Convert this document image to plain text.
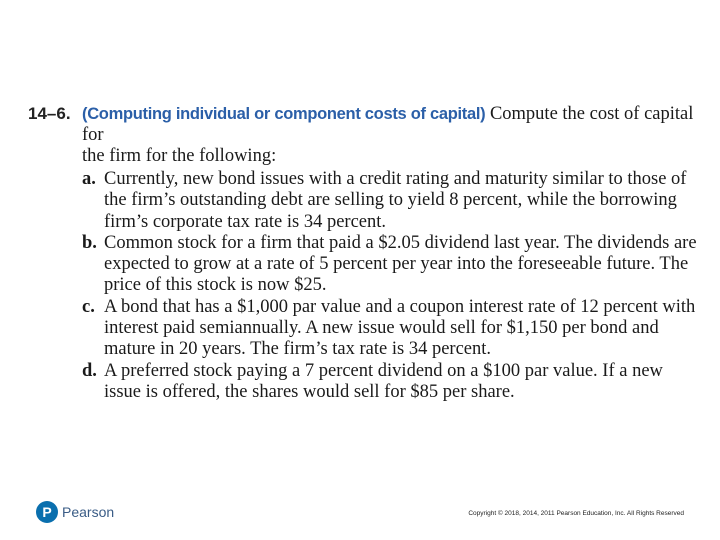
14–6. (Computing individual or component costs of capital) Compute the cost of capital for
the firm for the following:
a. Currently, new bond issues with a credit rating and maturity similar to those of the firm’s outstanding debt are selling to yield 8 percent, while the borrowing firm’s corporate tax rate is 34 percent.
b. Common stock for a firm that paid a $2.05 dividend last year. The dividends are expected to grow at a rate of 5 percent per year into the foreseeable future. The price of this stock is now $25.
c. A bond that has a $1,000 par value and a coupon interest rate of 12 percent with interest paid semiannually. A new issue would sell for $1,150 per bond and mature in 20 years. The firm’s tax rate is 34 percent.
d. A preferred stock paying a 7 percent dividend on a $100 par value. If a new issue is offered, the shares would sell for $85 per share.
P Pearson	Copyright © 2018, 2014, 2011 Pearson Education, Inc. All Rights Reserved
